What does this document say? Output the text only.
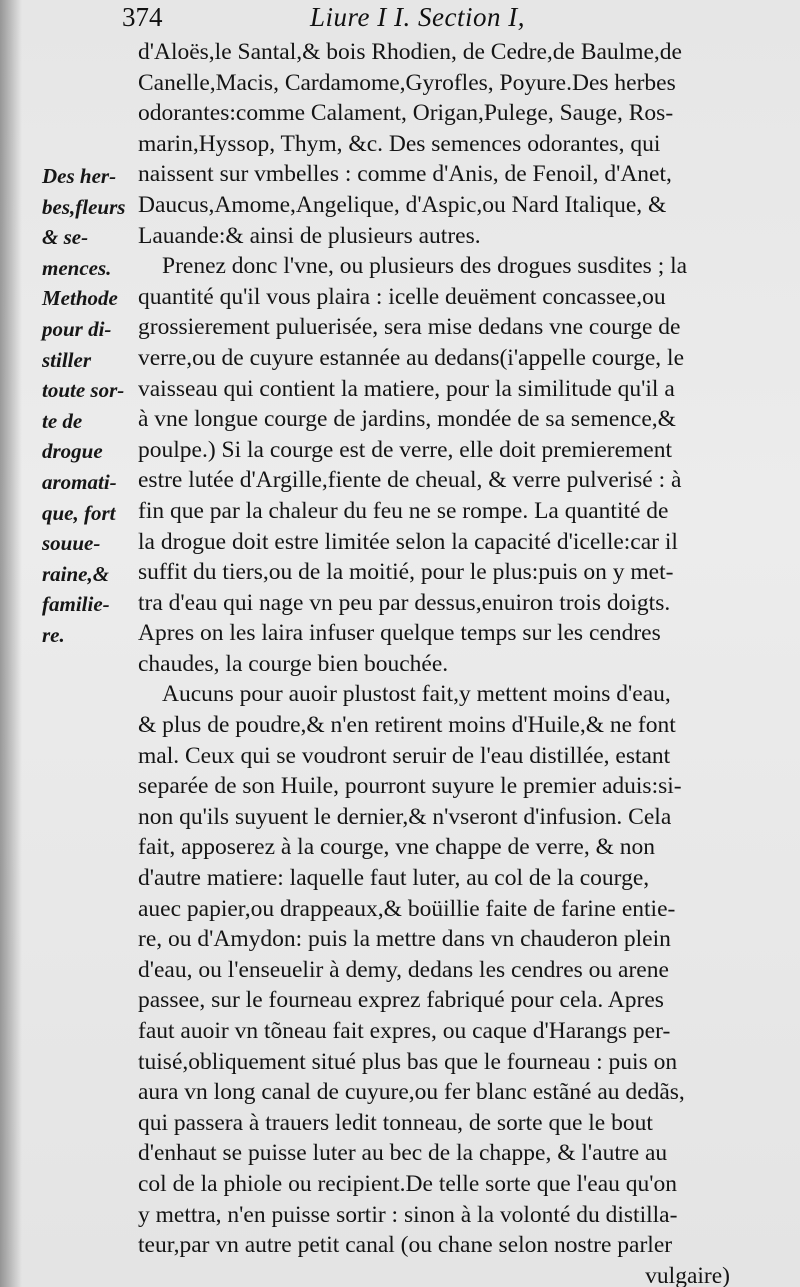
374	Liure I I. Section I,
Des her-
bes,fleurs
& se-
mences.
Methode
pour di-
stiller
toute sor-
te de
drogue
aromati-
que, fort
souue-
raine,&
familie-
re.
d'Aloës,le Santal,& bois Rhodien, de Cedre,de Baulme,de
Canelle,Macis, Cardamome,Gyrofles, Poyure.Des herbes
odorantes:comme Calament, Origan,Pulege, Sauge, Ros-
marin,Hyssop, Thym, &c. Des semences odorantes, qui
naissent sur vmbelles : comme d'Anis, de Fenoil, d'Anet,
Daucus,Amome,Angelique, d'Aspic,ou Nard Italique, &
Lauande:& ainsi de plusieurs autres.
Prenez donc l'vne, ou plusieurs des drogues susdites ; la
quantité qu'il vous plaira : icelle deuëment concassee,ou
grossierement puluerisée, sera mise dedans vne courge de
verre,ou de cuyure estannée au dedans(i'appelle courge, le
vaisseau qui contient la matiere, pour la similitude qu'il a
à vne longue courge de jardins, mondée de sa semence,&
poulpe.) Si la courge est de verre, elle doit premierement
estre lutée d'Argille,fiente de cheual, & verre pulverisé : à
fin que par la chaleur du feu ne se rompe. La quantité de
la drogue doit estre limitée selon la capacité d'icelle:car il
suffit du tiers,ou de la moitié, pour le plus:puis on y met-
tra d'eau qui nage vn peu par dessus,enuiron trois doigts.
Apres on les laira infuser quelque temps sur les cendres
chaudes, la courge bien bouchée.
Aucuns pour auoir plustost fait,y mettent moins d'eau,
& plus de poudre,& n'en retirent moins d'Huile,& ne font
mal. Ceux qui se voudront seruir de l'eau distillée, estant
separée de son Huile, pourront suyure le premier aduis:si-
non qu'ils suyuent le dernier,& n'vseront d'infusion. Cela
fait, apposerez à la courge, vne chappe de verre, & non
d'autre matiere: laquelle faut luter, au col de la courge,
auec papier,ou drappeaux,& boüillie faite de farine entie-
re, ou d'Amydon: puis la mettre dans vn chauderon plein
d'eau, ou l'enseuelir à demy, dedans les cendres ou arene
passee, sur le fourneau exprez fabriqué pour cela. Apres
faut auoir vn tõneau fait expres, ou caque d'Harangs per-
tuisé,obliquement situé plus bas que le fourneau : puis on
aura vn long canal de cuyure,ou fer blanc estãné au dedãs,
qui passera à trauers ledit tonneau, de sorte que le bout
d'enhaut se puisse luter au bec de la chappe, & l'autre au
col de la phiole ou recipient.De telle sorte que l'eau qu'on
y mettra, n'en puisse sortir : sinon à la volonté du distilla-
teur,par vn autre petit canal (ou chane selon nostre parler
vulgaire)
